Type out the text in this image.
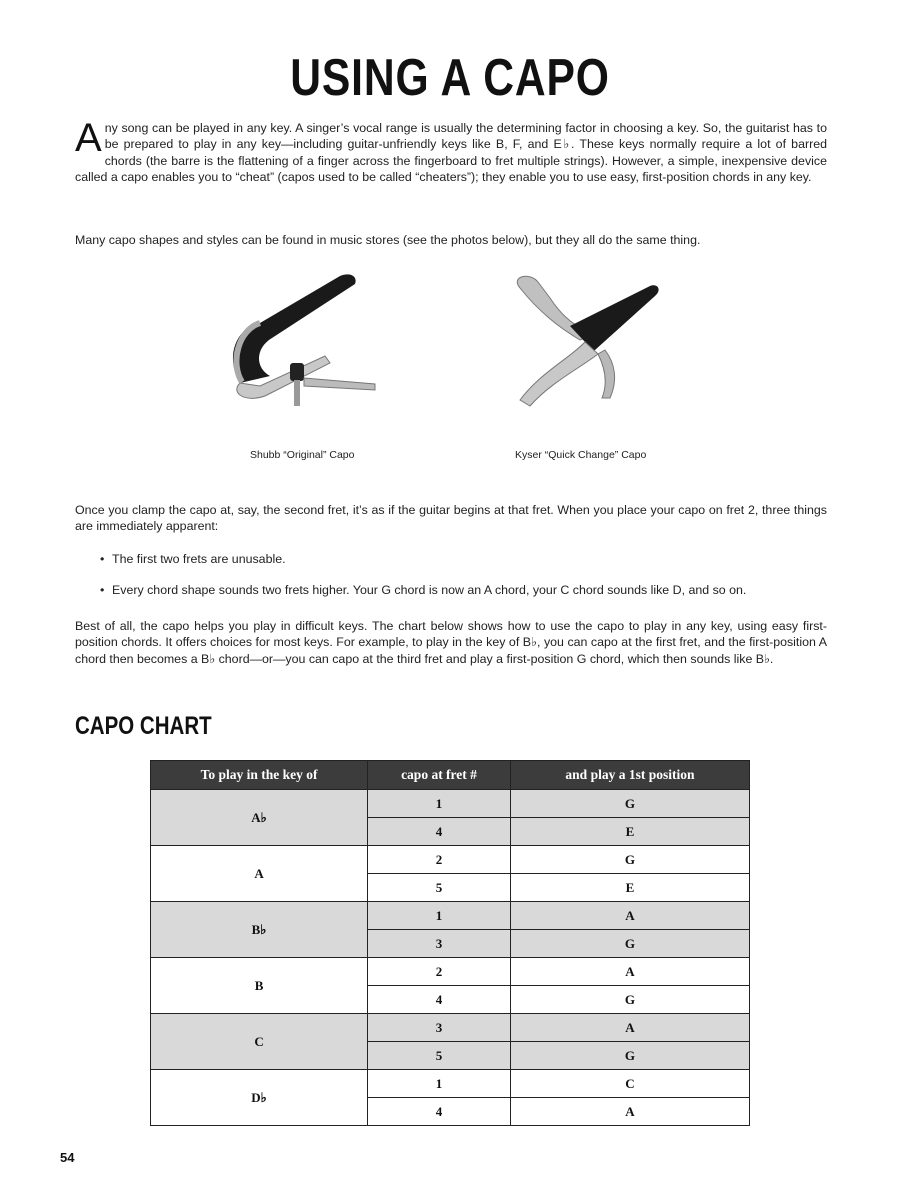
USING A CAPO
A ny song can be played in any key. A singer’s vocal range is usually the determining factor in choosing a key. So, the guitarist has to be prepared to play in any key—including guitar-unfriendly keys like B, F, and E♭. These keys normally require a lot of barred chords (the barre is the flattening of a finger across the fingerboard to fret multiple strings). However, a simple, inexpensive device called a capo enables you to “cheat” (capos used to be called “cheaters”); they enable you to use easy, first-position chords in any key.
Many capo shapes and styles can be found in music stores (see the photos below), but they all do the same thing.
Shubb “Original” Capo	Kyser “Quick Change” Capo
Once you clamp the capo at, say, the second fret, it’s as if the guitar begins at that fret. When you place your capo on fret 2, three things are immediately apparent:
• The first two frets are unusable.
• Every chord shape sounds two frets higher. Your G chord is now an A chord, your C chord sounds like D, and so on.
Best of all, the capo helps you play in difficult keys. The chart below shows how to use the capo to play in any key, using easy first-position chords. It offers choices for most keys. For example, to play in the key of B♭, you can capo at the first fret, and the first-position A chord then becomes a B♭ chord—or—you can capo at the third fret and play a first-position G chord, which then sounds like B♭.
CAPO CHART
To play in the key of	capo at fret #	and play a 1st position
A♭	1	G
	4	E
A	2	G
	5	E
B♭	1	A
	3	G
B	2	A
	4	G
C	3	A
	5	G
D♭	1	C
	4	A
54
